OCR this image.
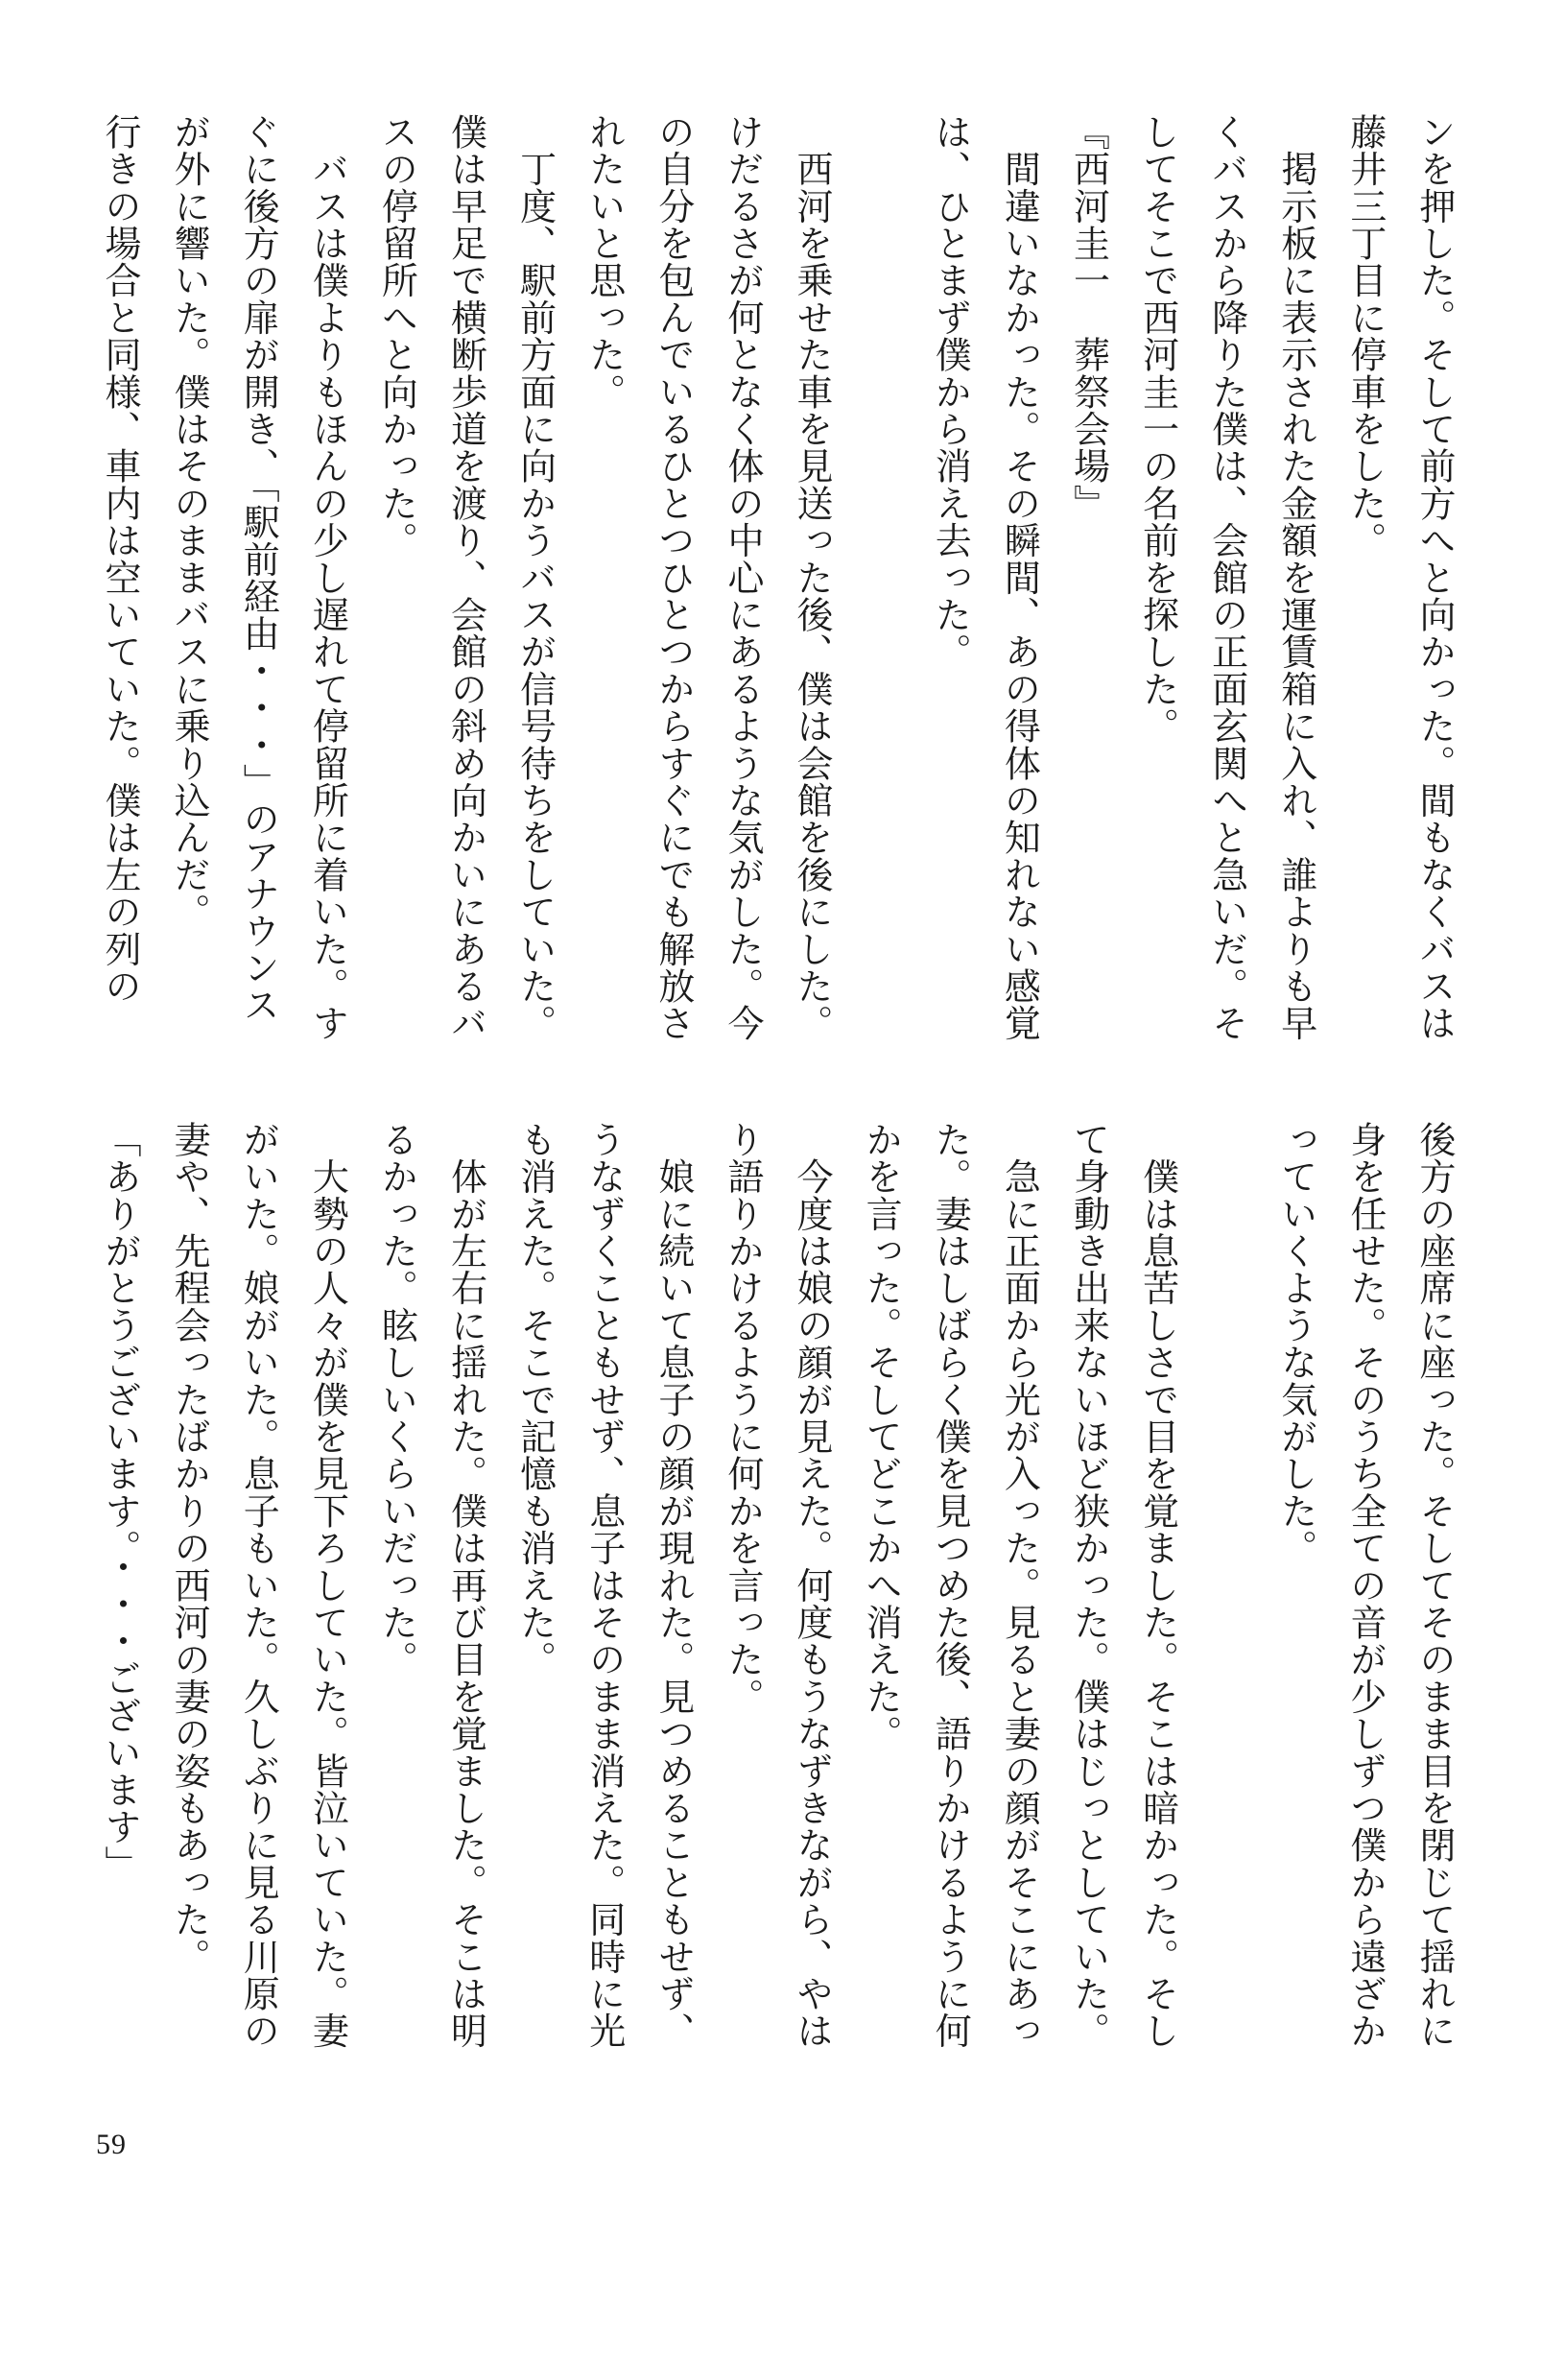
ンを押した。そして前方へと向かった。間もなくバスは
藤井三丁目に停車をした。
　掲示板に表示された金額を運賃箱に入れ、誰よりも早
くバスから降りた僕は、会館の正面玄関へと急いだ。そ
してそこで西河圭一の名前を探した。
『西河圭一　葬祭会場』
　間違いなかった。その瞬間、あの得体の知れない感覚
は、ひとまず僕から消え去った。
　西河を乗せた車を見送った後、僕は会館を後にした。
けだるさが何となく体の中心にあるような気がした。今
の自分を包んでいるひとつひとつからすぐにでも解放さ
れたいと思った。
　丁度、駅前方面に向かうバスが信号待ちをしていた。
僕は早足で横断歩道を渡り、会館の斜め向かいにあるバ
スの停留所へと向かった。
　バスは僕よりもほんの少し遅れて停留所に着いた。す
ぐに後方の扉が開き、「駅前経由・・・」のアナウンス
が外に響いた。僕はそのままバスに乗り込んだ。
行きの場合と同様、車内は空いていた。僕は左の列の
後方の座席に座った。そしてそのまま目を閉じて揺れに
身を任せた。そのうち全ての音が少しずつ僕から遠ざか
っていくような気がした。
　僕は息苦しさで目を覚ました。そこは暗かった。そし
て身動き出来ないほど狭かった。僕はじっとしていた。
　急に正面から光が入った。見ると妻の顔がそこにあっ
た。妻はしばらく僕を見つめた後、語りかけるように何
かを言った。そしてどこかへ消えた。
　今度は娘の顔が見えた。何度もうなずきながら、やは
り語りかけるように何かを言った。
　娘に続いて息子の顔が現れた。見つめることもせず、
うなずくこともせず、息子はそのまま消えた。同時に光
も消えた。そこで記憶も消えた。
　体が左右に揺れた。僕は再び目を覚ました。そこは明
るかった。眩しいくらいだった。
　大勢の人々が僕を見下ろしていた。皆泣いていた。妻
がいた。娘がいた。息子もいた。久しぶりに見る川原の
妻や、先程会ったばかりの西河の妻の姿もあった。
「ありがとうございます。・・・ございます」
59
